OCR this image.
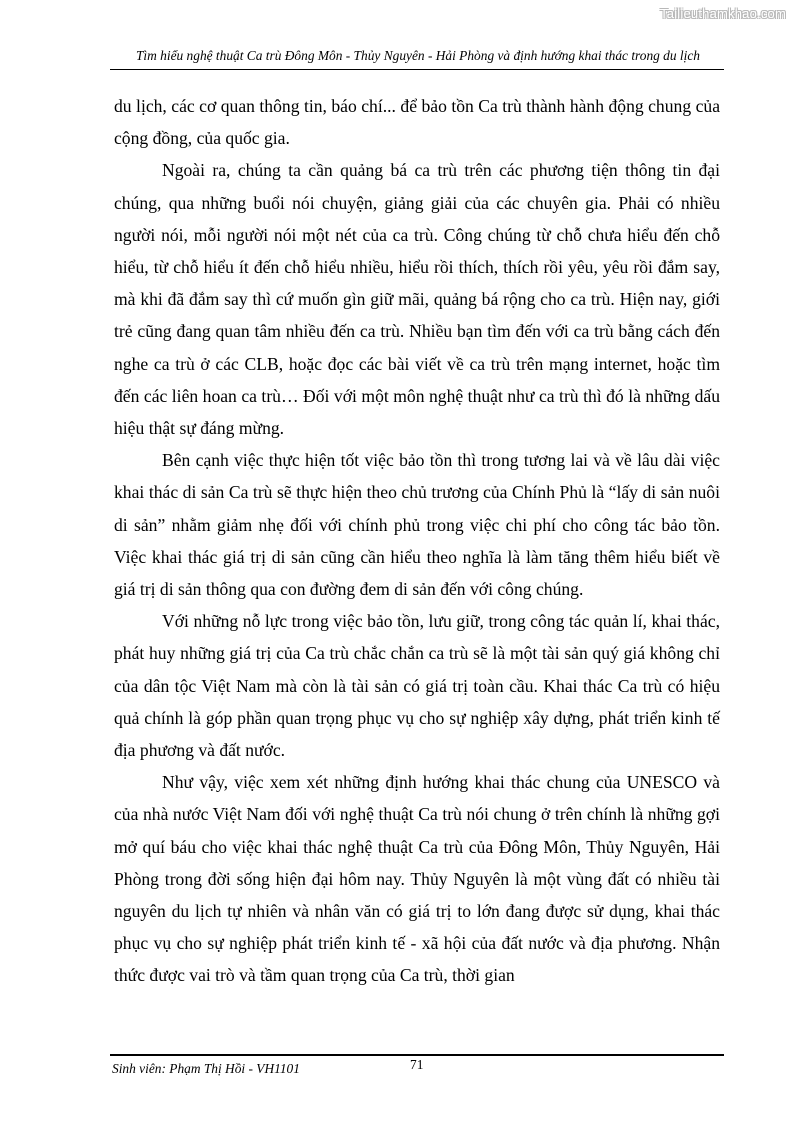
Tailieuthamkhao.com
Tìm hiểu nghệ thuật Ca trù Đông Môn - Thủy Nguyên - Hải Phòng và định hướng khai thác trong du lịch

du lịch, các cơ quan thông tin, báo chí... để bảo tồn Ca trù thành hành động chung của cộng đồng, của quốc gia.

Ngoài ra, chúng ta cần quảng bá ca trù trên các phương tiện thông tin đại chúng, qua những buổi nói chuyện, giảng giải của các chuyên gia. Phải có nhiều người nói, mỗi người nói một nét của ca trù. Công chúng từ chỗ chưa hiểu đến chỗ hiểu, từ chỗ hiểu ít đến chỗ hiểu nhiều, hiểu rồi thích, thích rồi yêu, yêu rồi đắm say, mà khi đã đắm say thì cứ muốn gìn giữ mãi, quảng bá rộng cho ca trù. Hiện nay, giới trẻ cũng đang quan tâm nhiều đến ca trù. Nhiều bạn tìm đến với ca trù bằng cách đến nghe ca trù ở các CLB, hoặc đọc các bài viết về ca trù trên mạng internet, hoặc tìm đến các liên hoan ca trù… Đối với một môn nghệ thuật như ca trù thì đó là những dấu hiệu thật sự đáng mừng.

Bên cạnh việc thực hiện tốt việc bảo tồn thì trong tương lai và về lâu dài việc khai thác di sản Ca trù sẽ thực hiện theo chủ trương của Chính Phủ là “lấy di sản nuôi di sản” nhằm giảm nhẹ đối với chính phủ trong việc chi phí cho công tác bảo tồn. Việc khai thác giá trị di sản cũng cần hiểu theo nghĩa là làm tăng thêm hiểu biết về giá trị di sản thông qua con đường đem di sản đến với công chúng.

Với những nỗ lực trong việc bảo tồn, lưu giữ, trong công tác quản lí, khai thác, phát huy những giá trị của Ca trù chắc chắn ca trù sẽ là một tài sản quý giá không chỉ của dân tộc Việt Nam mà còn là tài sản có giá trị toàn cầu. Khai thác Ca trù có hiệu quả chính là góp phần quan trọng phục vụ cho sự nghiệp xây dựng, phát triển kinh tế địa phương và đất nước.

Như vậy, việc xem xét những định hướng khai thác chung của UNESCO và của nhà nước Việt Nam đối với nghệ thuật Ca trù nói chung ở trên chính là những gợi mở quí báu cho việc khai thác nghệ thuật Ca trù của Đông Môn, Thủy Nguyên, Hải Phòng trong đời sống hiện đại hôm nay. Thủy Nguyên là một vùng đất có nhiều tài nguyên du lịch tự nhiên và nhân văn có giá trị to lớn đang được sử dụng, khai thác phục vụ cho sự nghiệp phát triển kinh tế - xã hội của đất nước và địa phương. Nhận thức được vai trò và tầm quan trọng của Ca trù, thời gian

Sinh viên: Phạm Thị Hồi - VH1101	71
